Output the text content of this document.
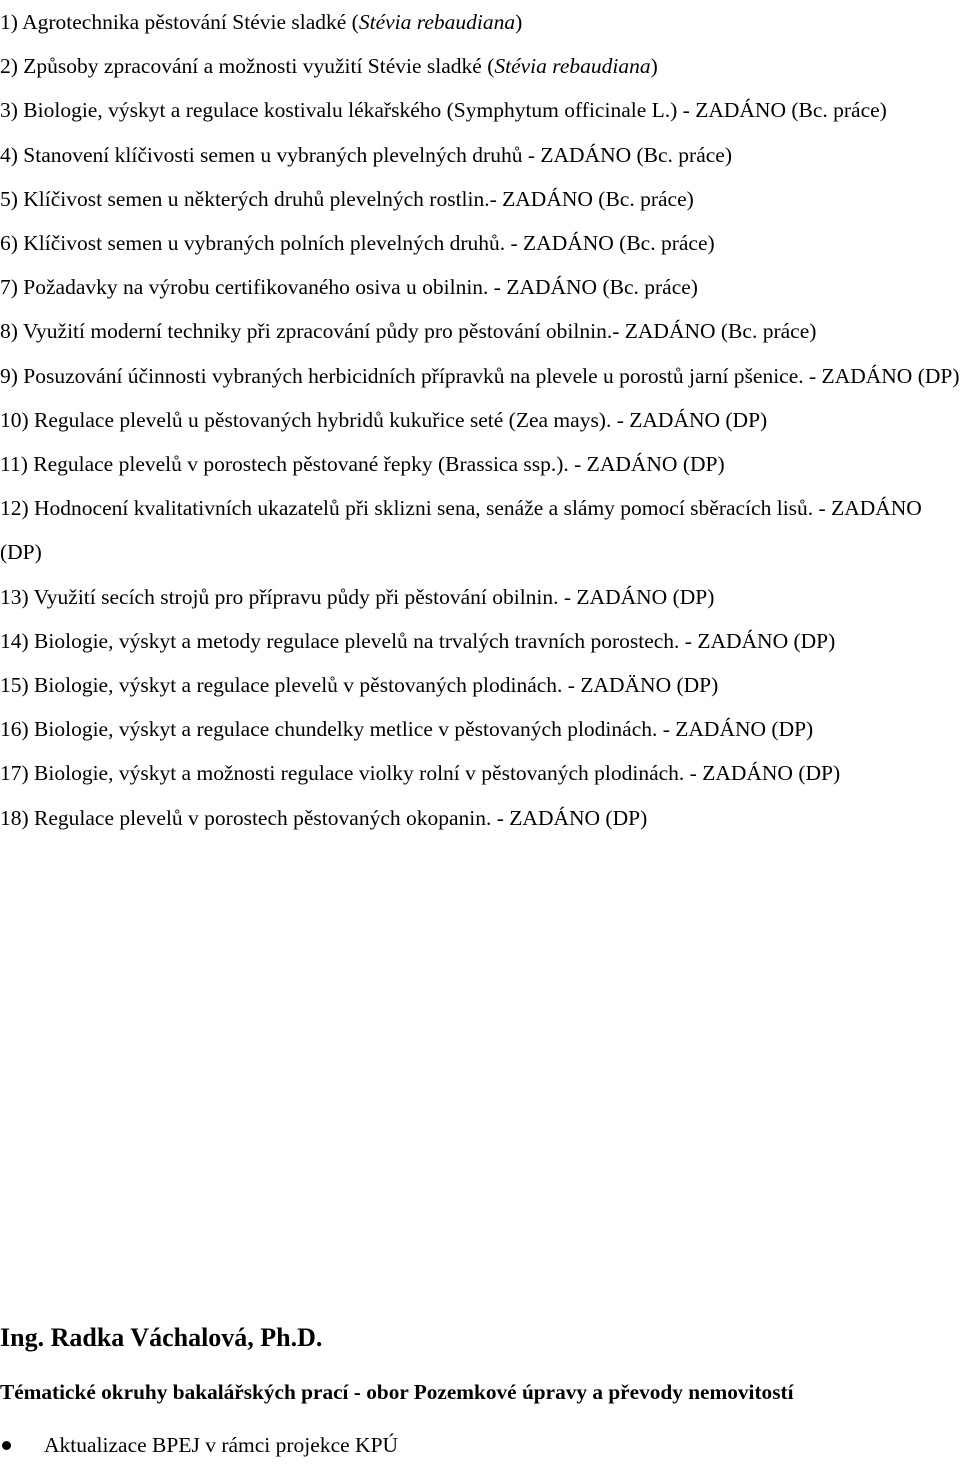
1) Agrotechnika pěstování Stévie sladké (Stévia rebaudiana)
2) Způsoby zpracování a možnosti využití Stévie sladké (Stévia rebaudiana)
3) Biologie, výskyt a regulace kostivalu lékařského (Symphytum officinale L.) - ZADÁNO (Bc. práce)
4) Stanovení klíčivosti semen u vybraných plevelných druhů - ZADÁNO (Bc. práce)
5) Klíčivost semen u některých druhů plevelných rostlin.- ZADÁNO (Bc. práce)
6) Klíčivost semen u vybraných polních plevelných druhů. - ZADÁNO (Bc. práce)
7) Požadavky na výrobu certifikovaného osiva u obilnin. - ZADÁNO (Bc. práce)
8) Využití moderní techniky při zpracování půdy pro pěstování obilnin.- ZADÁNO (Bc. práce)
9) Posuzování účinnosti vybraných herbicidních přípravků na plevele u porostů jarní pšenice. - ZADÁNO (DP)
10) Regulace plevelů u pěstovaných hybridů kukuřice seté (Zea mays). - ZADÁNO (DP)
11) Regulace plevelů v porostech pěstované řepky (Brassica ssp.). - ZADÁNO (DP)
12) Hodnocení kvalitativních ukazatelů při sklizni sena, senáže a slámy pomocí sběracích lisů. - ZADÁNO (DP)
13) Využití secích strojů pro přípravu půdy při pěstování obilnin. - ZADÁNO (DP)
14) Biologie, výskyt a metody regulace plevelů na trvalých travních porostech. - ZADÁNO (DP)
15) Biologie, výskyt a regulace plevelů v pěstovaných plodinách. - ZADÄNO (DP)
16) Biologie, výskyt a regulace chundelky metlice v pěstovaných plodinách. - ZADÁNO (DP)
17) Biologie, výskyt a možnosti regulace violky rolní v pěstovaných plodinách. - ZADÁNO (DP)
18) Regulace plevelů v porostech pěstovaných okopanin. - ZADÁNO (DP)
Ing. Radka Váchalová, Ph.D.
Tématické okruhy bakalářských prací - obor Pozemkové úpravy a převody nemovitostí
Aktualizace BPEJ v rámci projekce KPÚ
